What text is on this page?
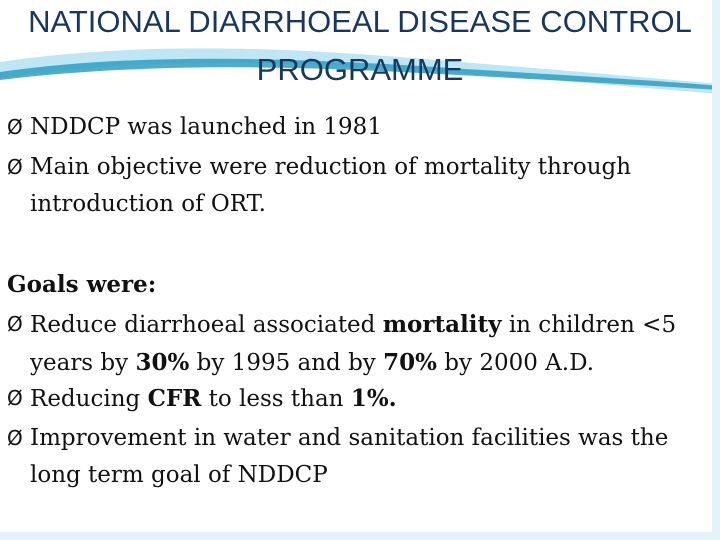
NATIONAL DIARRHOEAL DISEASE CONTROL
PROGRAMME
Ø NDDCP was launched in 1981
Ø Main objective were reduction of mortality through introduction of ORT.
Goals were:
Ø Reduce diarrhoeal associated mortality in children <5 years by 30% by 1995 and by 70% by 2000 A.D.
Ø Reducing CFR to less than 1%.
Ø Improvement in water and sanitation facilities was the long term goal of NDDCP
